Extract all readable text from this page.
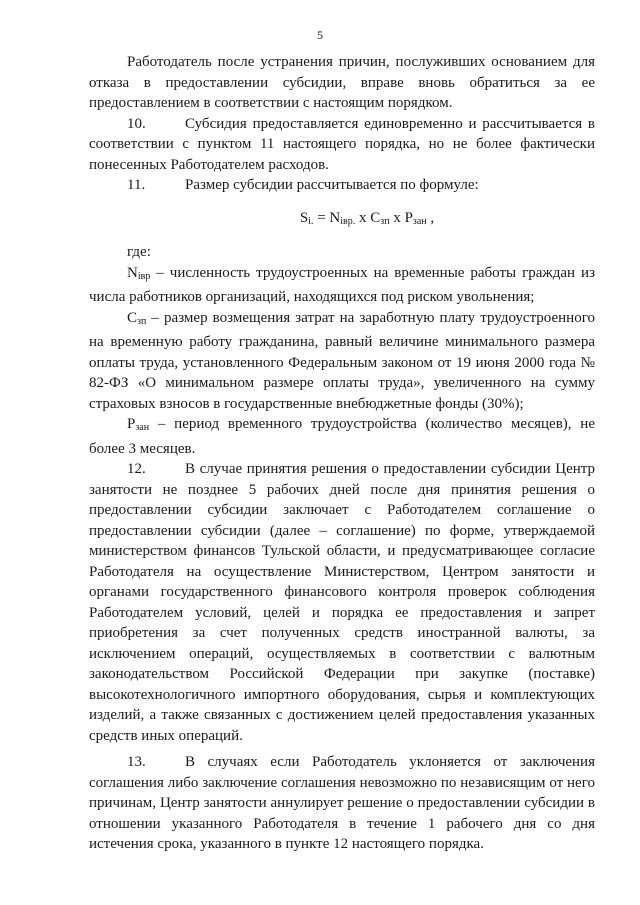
5

Работодатель после устранения причин, послуживших основанием для отказа в предоставлении субсидии, вправе вновь обратиться за ее предоставлением в соответствии с настоящим порядком.

10.	Субсидия предоставляется единовременно и рассчитывается в соответствии с пунктом 11 настоящего порядка, но не более фактически понесенных Работодателем расходов.

11.	Размер субсидии рассчитывается по формуле:

$S_{i.} = N_{івр.}$ x $C_{зп}$ x $P_{зан}$ ,

где:

$N_{івр}$ – численность трудоустроенных на временные работы граждан из числа работников организаций, находящихся под риском увольнения;

$C_{зп}$ – размер возмещения затрат на заработную плату трудоустроенного на временную работу гражданина, равный величине минимального размера оплаты труда, установленного Федеральным законом от 19 июня 2000 года № 82-ФЗ «О минимальном размере оплаты труда», увеличенного на сумму страховых взносов в государственные внебюджетные фонды (30%);

$P_{зан}$ – период временного трудоустройства (количество месяцев), не более 3 месяцев.

12.	В случае принятия решения о предоставлении субсидии Центр занятости не позднее 5 рабочих дней после дня принятия решения о предоставлении субсидии заключает с Работодателем соглашение о предоставлении субсидии (далее – соглашение) по форме, утверждаемой министерством финансов Тульской области, и предусматривающее согласие Работодателя на осуществление Министерством, Центром занятости и органами государственного финансового контроля проверок соблюдения Работодателем условий, целей и порядка ее предоставления и запрет приобретения за счет полученных средств иностранной валюты, за исключением операций, осуществляемых в соответствии с валютным законодательством Российской Федерации при закупке (поставке) высокотехнологичного импортного оборудования, сырья и комплектующих изделий, а также связанных с достижением целей предоставления указанных средств иных операций.

13.	В случаях если Работодатель уклоняется от заключения соглашения либо заключение соглашения невозможно по независящим от него причинам, Центр занятости аннулирует решение о предоставлении субсидии в отношении указанного Работодателя в течение 1 рабочего дня со дня истечения срока, указанного в пункте 12 настоящего порядка.
